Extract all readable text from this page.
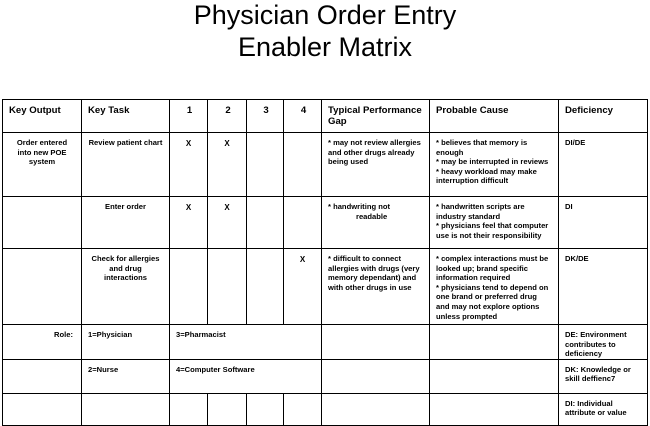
Physician Order Entry
Enabler Matrix
Key Output	Key Task	1	2	3	4	Typical Performance Gap	Probable Cause	Deficiency

Order entered into new POE system	Review patient chart	X	X			* may not review allergies and other drugs already being used	* believes that memory is enough
* may be interrupted in reviews
* heavy workload may make interruption difficult	DI/DE

	Enter order	X	X			* handwriting not
readable	* handwritten scripts are industry standard
* physicians feel that computer use is not their responsibility	DI

	Check for allergies and drug interactions				X	* difficult to connect allergies with drugs (very memory dependant) and with other drugs in use	* complex interactions must be looked up; brand specific information required
* physicians tend to depend on one brand or preferred drug and may not explore options unless prompted	DK/DE

Role:	1=Physician	3=Pharmacist						DE: Environment contributes to deficiency

	2=Nurse	4=Computer Software						DK: Knowledge or skill deffienc7

								DI: Individual attribute or value
